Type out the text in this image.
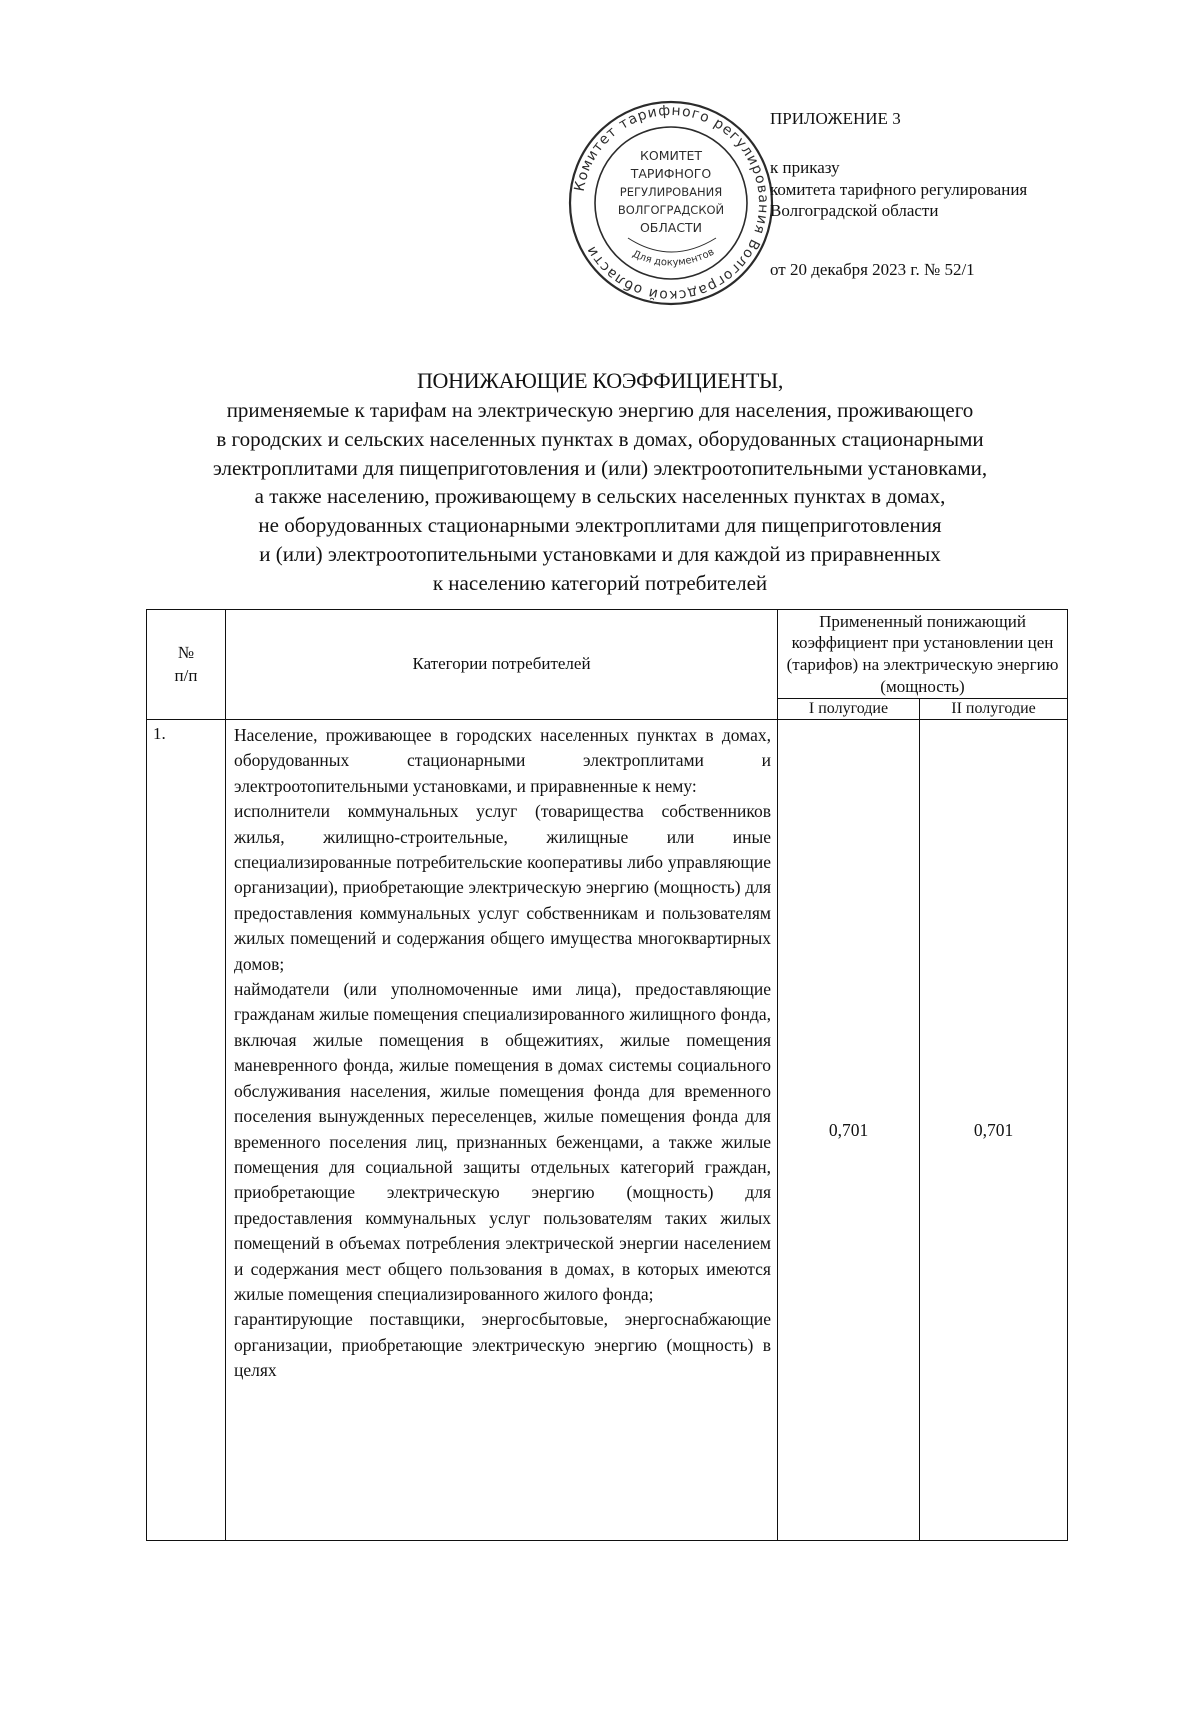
Комитет тарифного регулирования Волгоградской области
КОМИТЕТ
ТАРИФНОГО
РЕГУЛИРОВАНИЯ
ВОЛГОГРАДСКОЙ
ОБЛАСТИ
Для документов
ПРИЛОЖЕНИЕ 3
к приказу
комитета тарифного регулирования
Волгоградской области
от 20 декабря 2023 г. № 52/1
ПОНИЖАЮЩИЕ КОЭФФИЦИЕНТЫ,
применяемые к тарифам на электрическую энергию для населения, проживающего
в городских и сельских населенных пунктах в домах, оборудованных стационарными
электроплитами для пищеприготовления и (или) электроотопительными установками,
а также населению, проживающему в сельских населенных пунктах в домах,
не оборудованных стационарными электроплитами для пищеприготовления
и (или) электроотопительными установками и для каждой из приравненных
к населению категорий потребителей
№
п/п	Категории потребителей	Примененный понижающий коэффициент при установлении цен (тарифов) на электрическую энергию (мощность)	
		I полугодие	II полугодие
1.	Население, проживающее в городских населенных пунктах в домах, оборудованных стационарными электроплитами и электроотопительными установками, и приравненные к нему:

исполнители коммунальных услуг (товарищества собственников жилья, жилищно-строительные, жилищные или иные специализированные потребительские кооперативы либо управляющие организации), приобретающие электрическую энергию (мощность) для предоставления коммунальных услуг собственникам и пользователям жилых помещений и содержания общего имущества многоквартирных домов;

наймодатели (или уполномоченные ими лица), предоставляющие гражданам жилые помещения специализированного жилищного фонда, включая жилые помещения в общежитиях, жилые помещения маневренного фонда, жилые помещения в домах системы социального обслуживания населения, жилые помещения фонда для временного поселения вынужденных переселенцев, жилые помещения фонда для временного поселения лиц, признанных беженцами, а также жилые помещения для социальной защиты отдельных категорий граждан, приобретающие электрическую энергию (мощность) для предоставления коммунальных услуг пользователям таких жилых помещений в объемах потребления электрической энергии населением и содержания мест общего пользования в домах, в которых имеются жилые помещения специализированного жилого фонда;

гарантирующие поставщики, энергосбытовые, энергоснабжающие организации, приобретающие электрическую энергию (мощность) в целях	0,701	0,701
